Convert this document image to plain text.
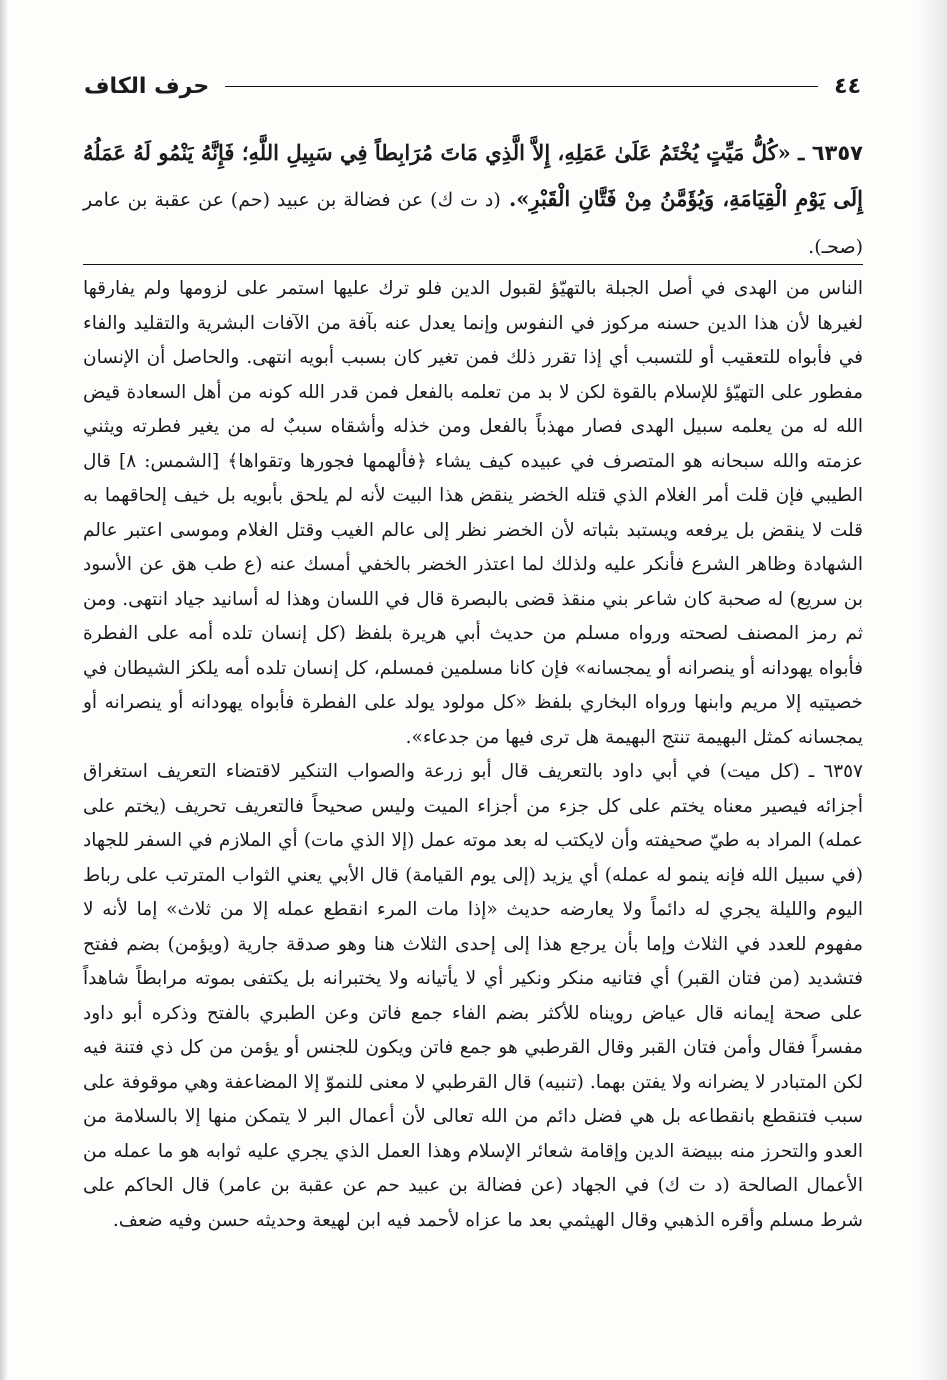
٤٤
حرف الكاف
٦٣٥٧ ـ «كُلُّ مَيِّتٍ يُخْتَمُ عَلَىٰ عَمَلِهِ، إِلاَّ الَّذِي مَاتَ مُرَابِطاً فِي سَبِيلِ اللَّهِ؛ فَإِنَّهُ يَنْمُو لَهُ عَمَلُهُ إِلَى يَوْمِ الْقِيَامَةِ، وَيُؤَمَّنُ مِنْ فَتَّانِ الْقَبْرِ». (د ت ك) عن فضالة بن عبيد (حم) عن عقبة بن عامر (صحـ).

الناس من الهدى في أصل الجبلة بالتهيّؤ لقبول الدين فلو ترك عليها استمر على لزومها ولم يفارقها لغيرها لأن هذا الدين حسنه مركوز في النفوس وإنما يعدل عنه بآفة من الآفات البشرية والتقليد والفاء في فأبواه للتعقيب أو للتسبب أي إذا تقرر ذلك فمن تغير كان بسبب أبويه انتهى. والحاصل أن الإنسان مفطور على التهيّؤ للإسلام بالقوة لكن لا بد من تعلمه بالفعل فمن قدر الله كونه من أهل السعادة قيض الله له من يعلمه سبيل الهدى فصار مهذباً بالفعل ومن خذله وأشقاه سببٌ له من يغير فطرته ويثني عزمته والله سبحانه هو المتصرف في عبيده كيف يشاء ﴿فألهمها فجورها وتقواها﴾ [الشمس: ٨] قال الطيبي فإن قلت أمر الغلام الذي قتله الخضر ينقض هذا البيت لأنه لم يلحق بأبويه بل خيف إلحاقهما به قلت لا ينقض بل يرفعه ويستبد بثباته لأن الخضر نظر إلى عالم الغيب وقتل الغلام وموسى اعتبر عالم الشهادة وظاهر الشرع فأنكر عليه ولذلك لما اعتذر الخضر بالخفي أمسك عنه (ع طب هق عن الأسود بن سريع) له صحبة كان شاعر بني منقذ قضى بالبصرة قال في اللسان وهذا له أسانيد جياد انتهى. ومن ثم رمز المصنف لصحته ورواه مسلم من حديث أبي هريرة بلفظ (كل إنسان تلده أمه على الفطرة فأبواه يهودانه أو ينصرانه أو يمجسانه» فإن كانا مسلمين فمسلم، كل إنسان تلده أمه يلكز الشيطان في خصيتيه إلا مريم وابنها ورواه البخاري بلفظ «كل مولود يولد على الفطرة فأبواه يهودانه أو ينصرانه أو يمجسانه كمثل البهيمة تنتج البهيمة هل ترى فيها من جدعاء».

٦٣٥٧ ـ (كل ميت) في أبي داود بالتعريف قال أبو زرعة والصواب التنكير لاقتضاء التعريف استغراق أجزائه فيصير معناه يختم على كل جزء من أجزاء الميت وليس صحيحاً فالتعريف تحريف (يختم على عمله) المراد به طيّ صحيفته وأن لايكتب له بعد موته عمل (إلا الذي مات) أي الملازم في السفر للجهاد (في سبيل الله فإنه ينمو له عمله) أي يزيد (إلى يوم القيامة) قال الأبي يعني الثواب المترتب على رباط اليوم والليلة يجري له دائماً ولا يعارضه حديث «إذا مات المرء انقطع عمله إلا من ثلاث» إما لأنه لا مفهوم للعدد في الثلاث وإما بأن يرجع هذا إلى إحدى الثلاث هنا وهو صدقة جارية (ويؤمن) بضم ففتح فتشديد (من فتان القبر) أي فتانيه منكر ونكير أي لا يأتيانه ولا يختبرانه بل يكتفى بموته مرابطاً شاهداً على صحة إيمانه قال عياض رويناه للأكثر بضم الفاء جمع فاتن وعن الطبري بالفتح وذكره أبو داود مفسراً فقال وأمن فتان القبر وقال القرطبي هو جمع فاتن ويكون للجنس أو يؤمن من كل ذي فتنة فيه لكن المتبادر لا يضرانه ولا يفتن بهما. (تنبيه) قال القرطبي لا معنى للنموّ إلا المضاعفة وهي موقوفة على سبب فتنقطع بانقطاعه بل هي فضل دائم من الله تعالى لأن أعمال البر لا يتمكن منها إلا بالسلامة من العدو والتحرز منه ببيضة الدين وإقامة شعائر الإسلام وهذا العمل الذي يجري عليه ثوابه هو ما عمله من الأعمال الصالحة (د ت ك) في الجهاد (عن فضالة بن عبيد حم عن عقبة بن عامر) قال الحاكم على شرط مسلم وأقره الذهبي وقال الهيثمي بعد ما عزاه لأحمد فيه ابن لهيعة وحديثه حسن وفيه ضعف.
